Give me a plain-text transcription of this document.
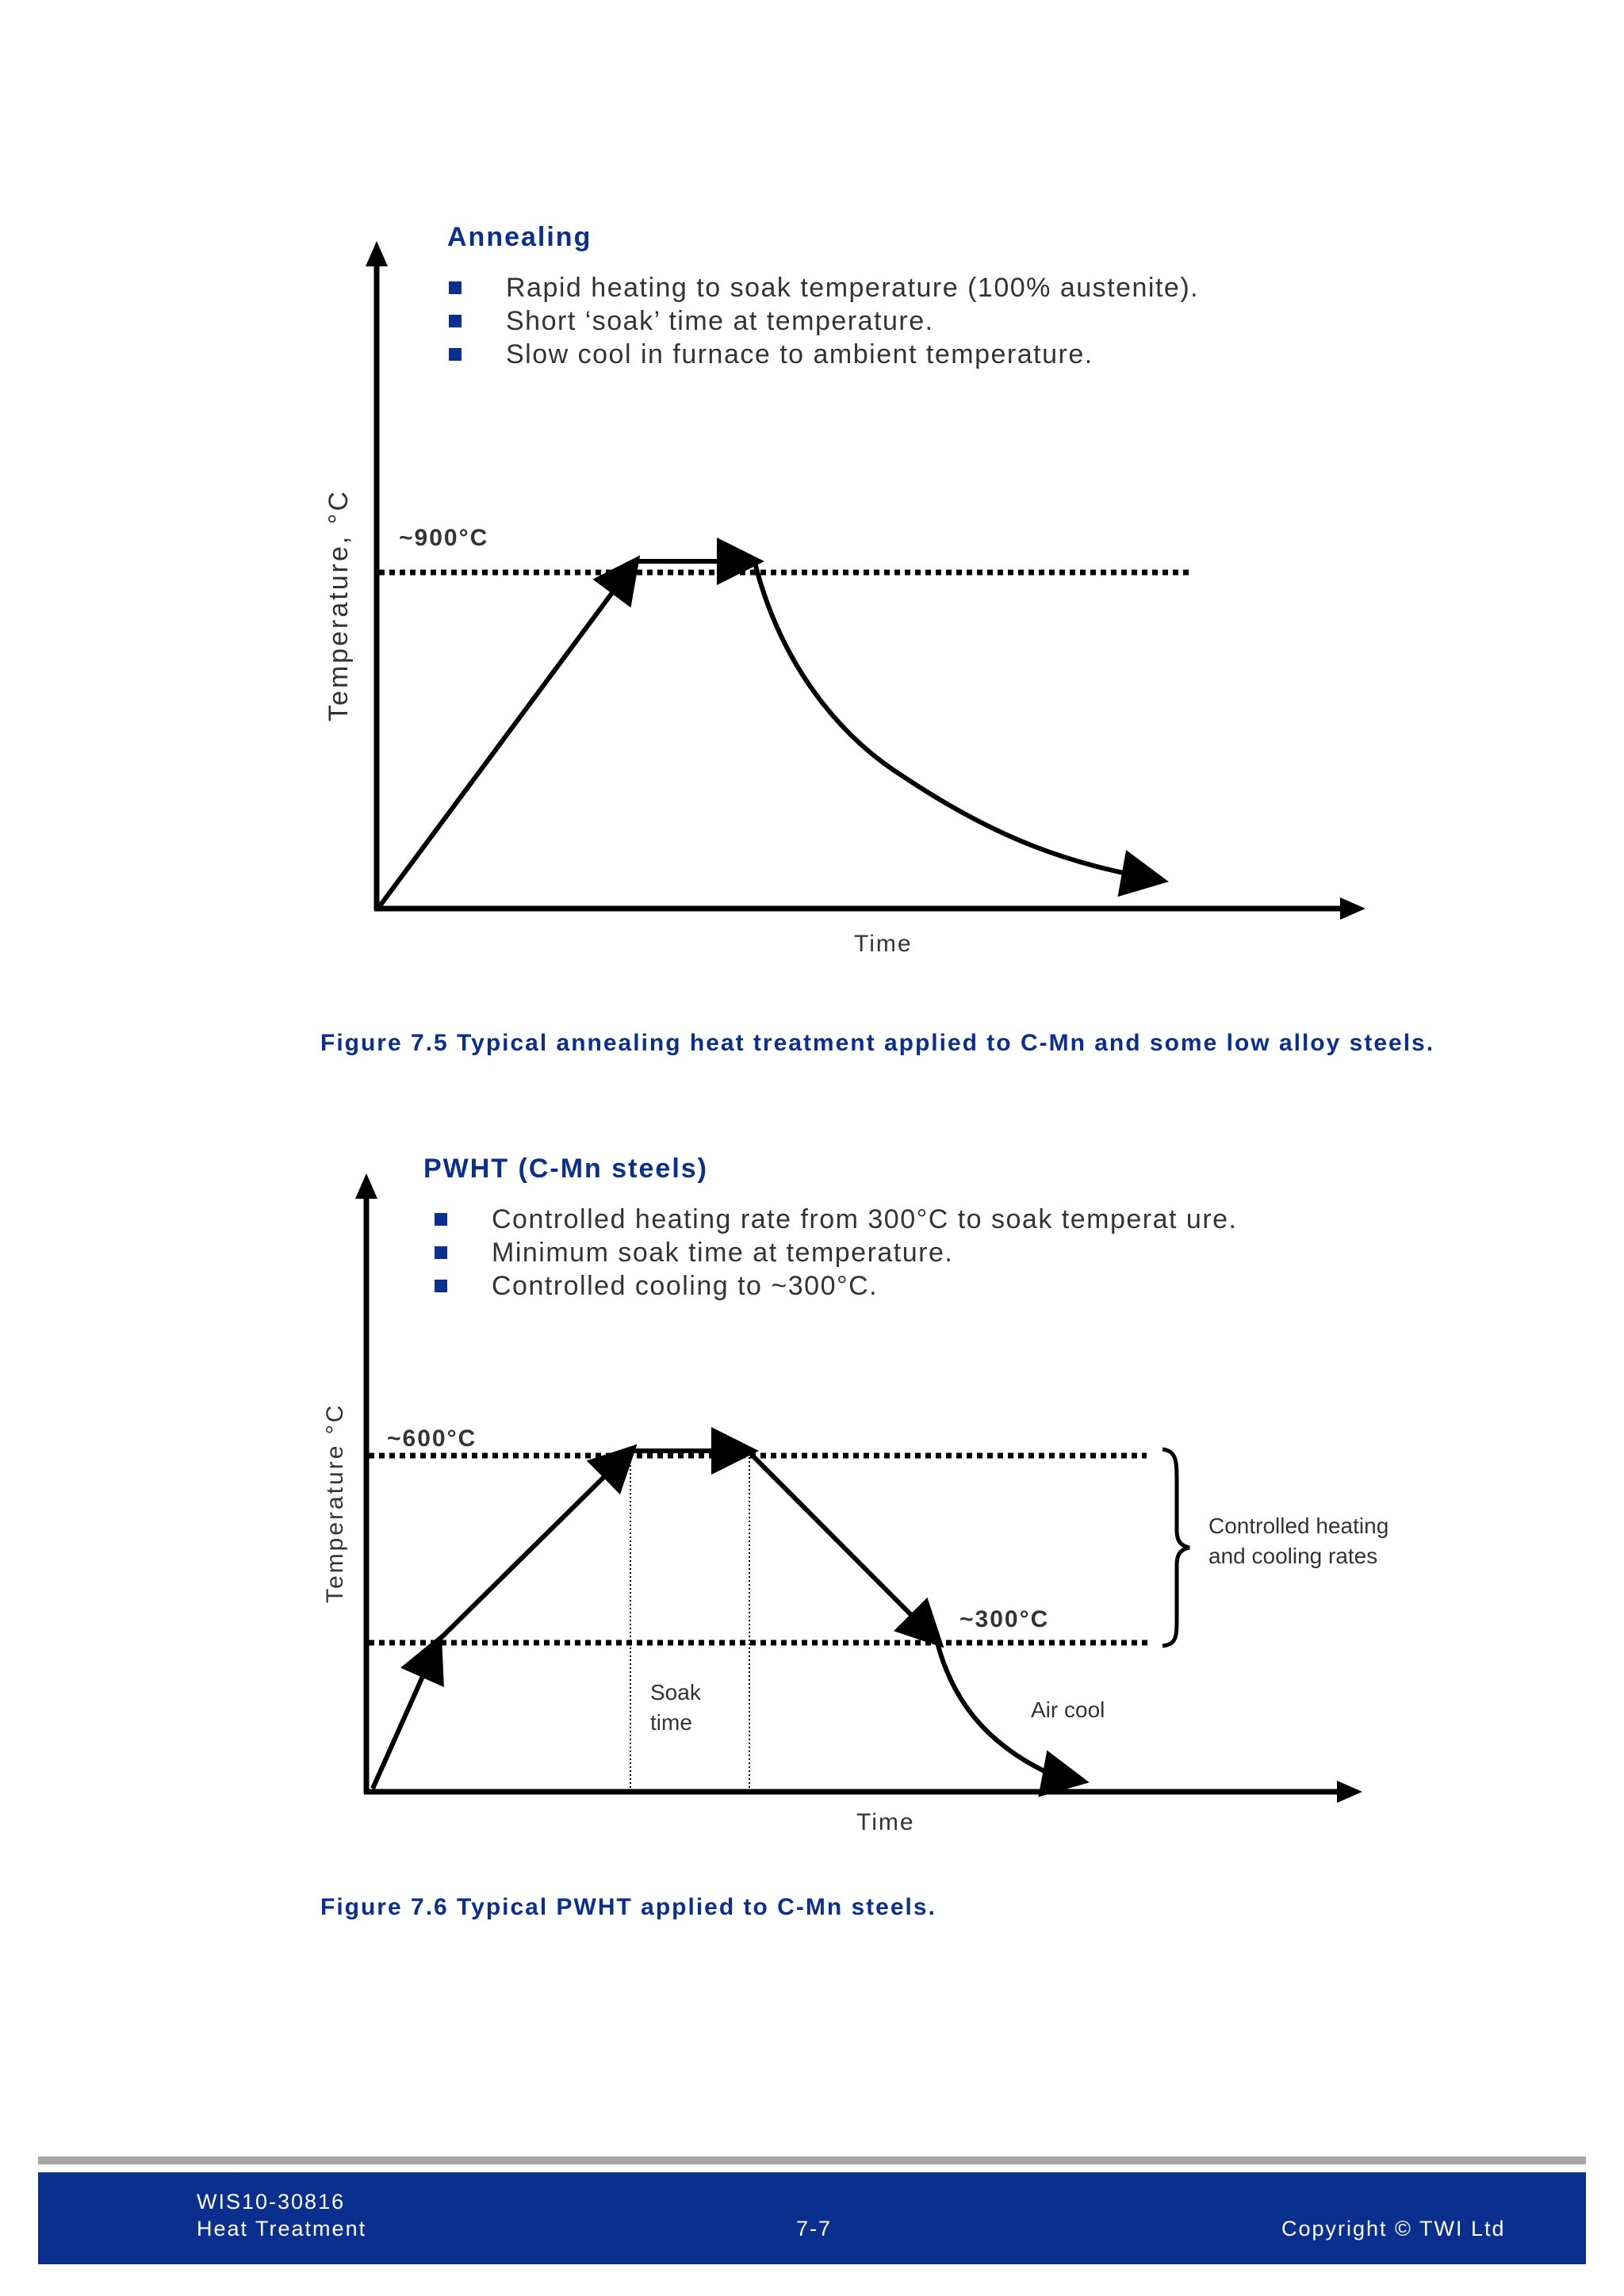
Annealing
Rapid heating to soak temperature (100% austenite).
Short ‘soak’ time at temperature.
Slow cool in furnace to ambient temperature.
~900°C
Temperature, °C
Time
Figure 7.5 Typical annealing heat treatment applied to C-Mn and some low alloy steels.
PWHT (C-Mn steels)
Controlled heating rate from 300°C to soak temperat ure.
Minimum soak time at temperature.
Controlled cooling to ~300°C.
~600°C
~300°C
Controlled heating
and cooling rates
Soak
time
Air cool
Temperature °C
Time
Figure 7.6 Typical PWHT applied to C-Mn steels.
WIS10-30816
Heat Treatment	7-7	Copyright © TWI Ltd
